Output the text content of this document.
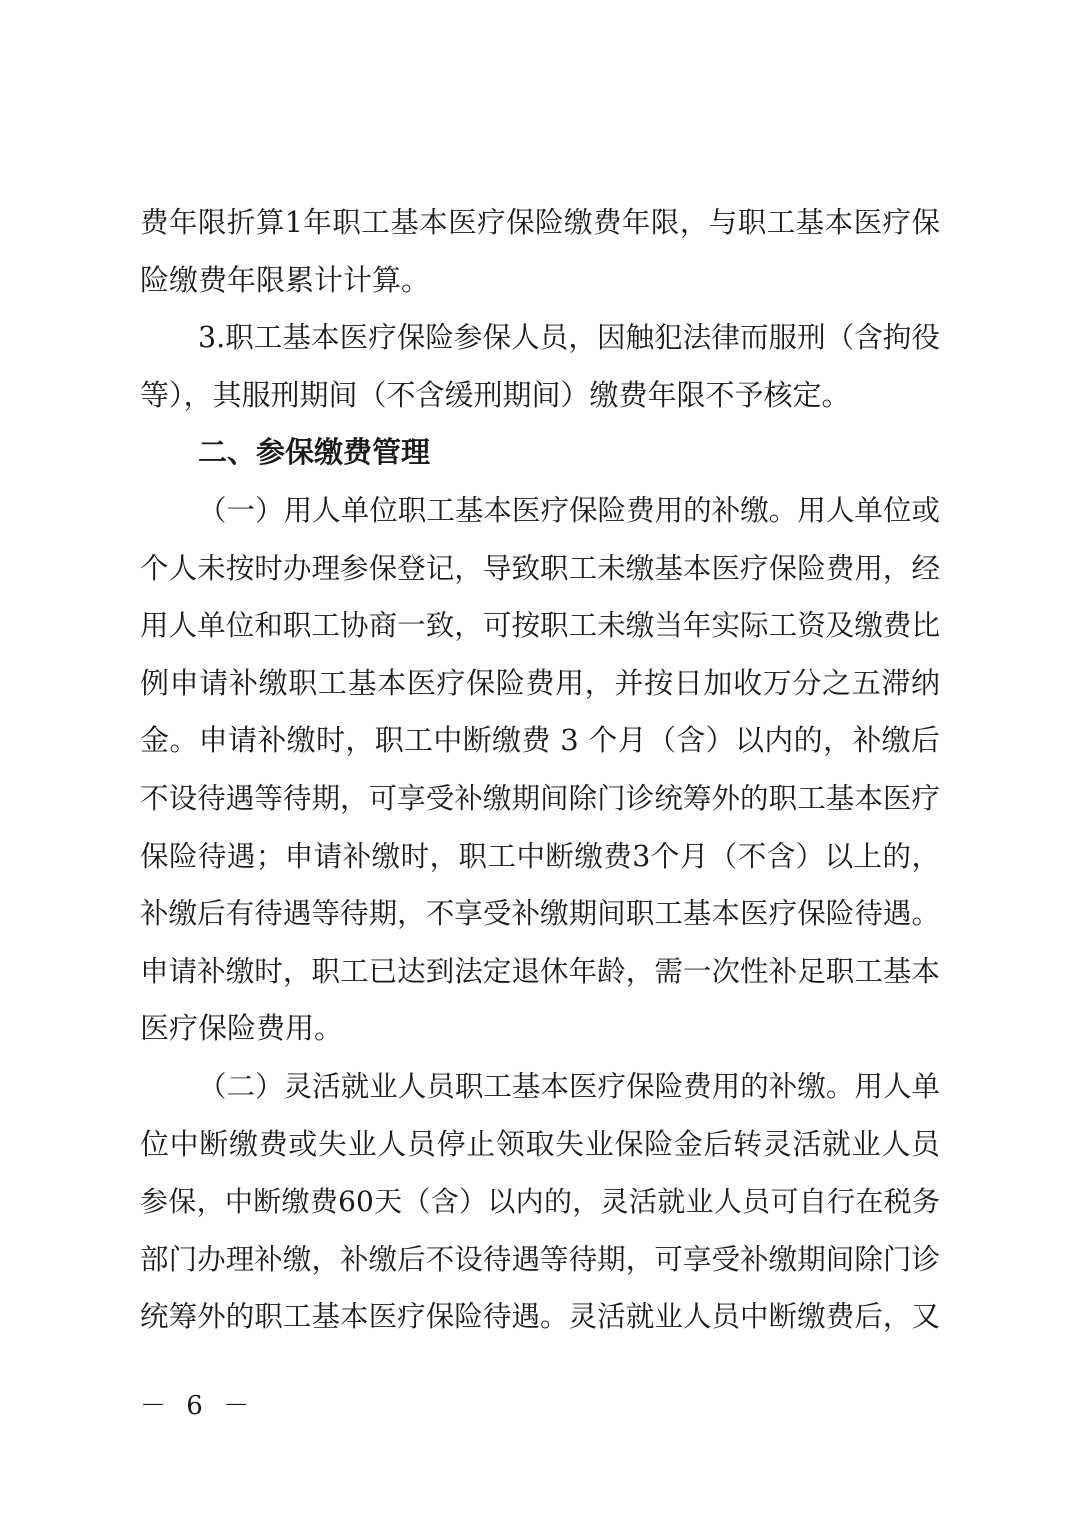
费年限折算1年职工基本医疗保险缴费年限，与职工基本医疗保
险缴费年限累计计算。
3.职工基本医疗保险参保人员，因触犯法律而服刑（含拘役
等），其服刑期间（不含缓刑期间）缴费年限不予核定。
二、参保缴费管理
（一）用人单位职工基本医疗保险费用的补缴。用人单位或
个人未按时办理参保登记，导致职工未缴基本医疗保险费用，经
用人单位和职工协商一致，可按职工未缴当年实际工资及缴费比
例申请补缴职工基本医疗保险费用，并按日加收万分之五滞纳
金。申请补缴时，职工中断缴费 3 个月（含）以内的，补缴后
不设待遇等待期，可享受补缴期间除门诊统筹外的职工基本医疗
保险待遇；申请补缴时，职工中断缴费3个月（不含）以上的，
补缴后有待遇等待期，不享受补缴期间职工基本医疗保险待遇。
申请补缴时，职工已达到法定退休年龄，需一次性补足职工基本
医疗保险费用。
（二）灵活就业人员职工基本医疗保险费用的补缴。用人单
位中断缴费或失业人员停止领取失业保险金后转灵活就业人员
参保，中断缴费60天（含）以内的，灵活就业人员可自行在税务
部门办理补缴，补缴后不设待遇等待期，可享受补缴期间除门诊
统筹外的职工基本医疗保险待遇。灵活就业人员中断缴费后，又
－ 6 －
